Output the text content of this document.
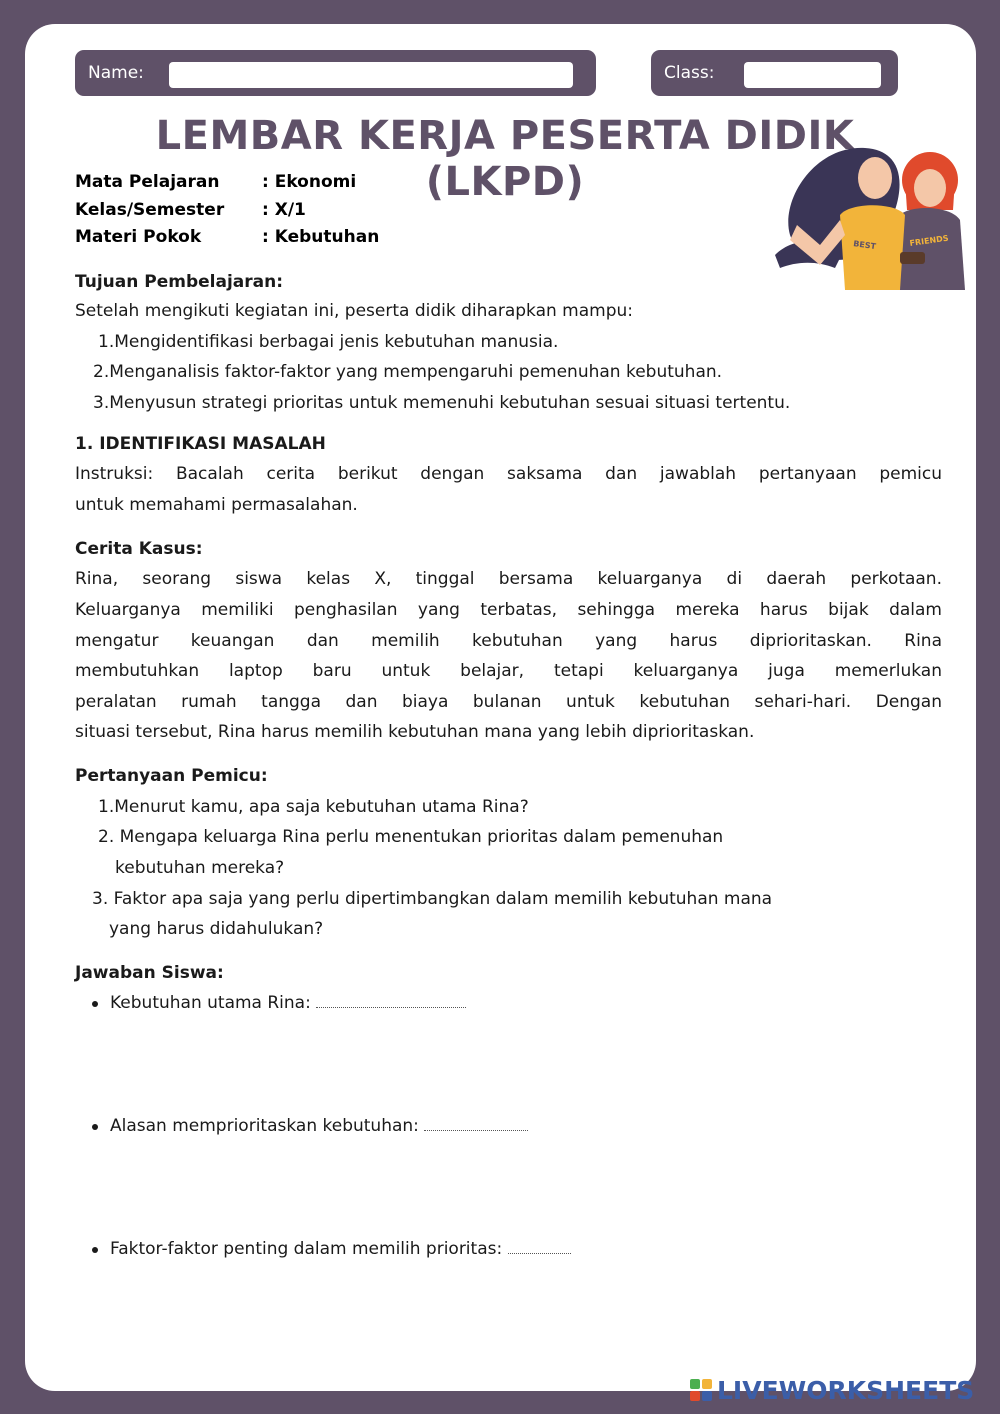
Name:	Class:
LEMBAR KERJA PESERTA DIDIK (LKPD)
Mata Pelajaran	: Ekonomi
Kelas/Semester : X/1
Materi Pokok	: Kebutuhan	BEST	FRIENDS
Tujuan Pembelajaran:
Setelah mengikuti kegiatan ini, peserta didik diharapkan mampu:
1.Mengidentifikasi berbagai jenis kebutuhan manusia.
2.Menganalisis faktor-faktor yang mempengaruhi pemenuhan kebutuhan.
3.Menyusun strategi prioritas untuk memenuhi kebutuhan sesuai situasi tertentu.
1. IDENTIFIKASI MASALAH
Instruksi: Bacalah cerita berikut dengan saksama dan jawablah pertanyaan pemicu
untuk memahami permasalahan.
Cerita Kasus:
Rina, seorang siswa kelas X, tinggal bersama keluarganya di daerah perkotaan.
Keluarganya memiliki penghasilan yang terbatas, sehingga mereka harus bijak dalam
mengatur keuangan dan memilih kebutuhan yang harus diprioritaskan. Rina
membutuhkan laptop baru untuk belajar, tetapi keluarganya juga memerlukan
peralatan rumah tangga dan biaya bulanan untuk kebutuhan sehari-hari. Dengan
situasi tersebut, Rina harus memilih kebutuhan mana yang lebih diprioritaskan.
Pertanyaan Pemicu:
1.Menurut kamu, apa saja kebutuhan utama Rina?
2. Mengapa keluarga Rina perlu menentukan prioritas dalam pemenuhan
kebutuhan mereka?
3. Faktor apa saja yang perlu dipertimbangkan dalam memilih kebutuhan mana
yang harus didahulukan?
Jawaban Siswa:
Kebutuhan utama Rina:
Alasan memprioritaskan kebutuhan:
Faktor-faktor penting dalam memilih prioritas:
LIVEWORKSHEETS
